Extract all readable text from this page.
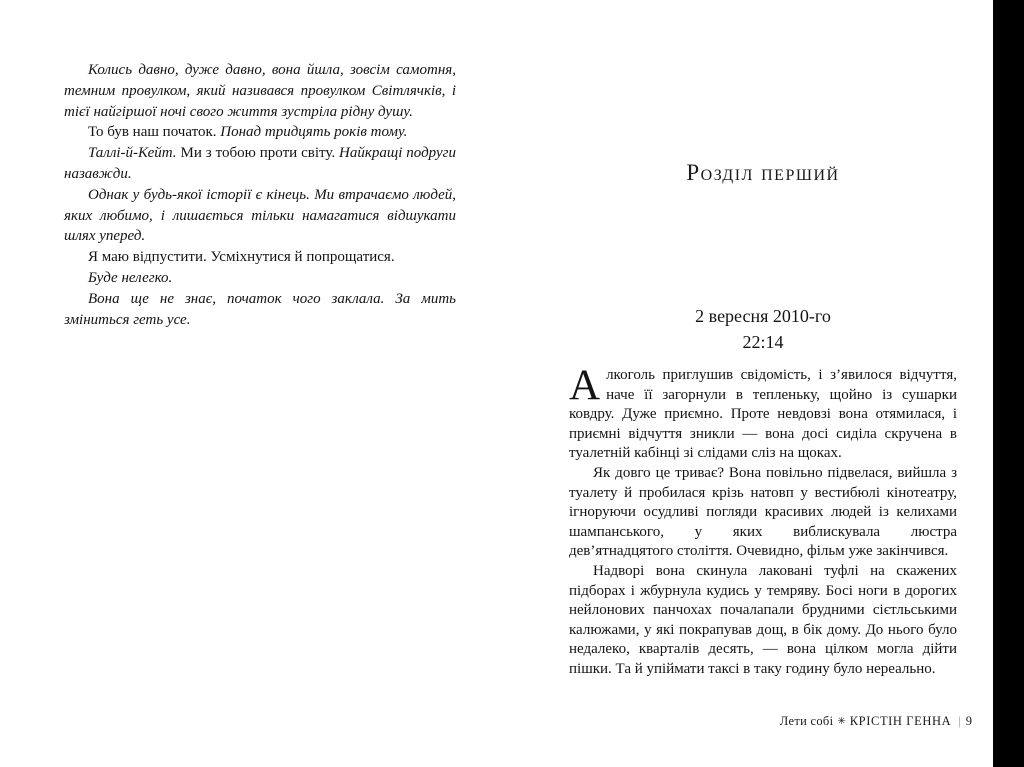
Колись давно, дуже давно, вона йшла, зовсім самотня, темним провулком, який називався провулком Світлячків, і тієї найгіршої ночі свого життя зустріла рідну душу.

То був наш початок. Понад тридцять років тому.

Таллі-й-Кейт. Ми з тобою проти світу. Найкращі подруги назавжди.

Однак у будь-якої історії є кінець. Ми втрачаємо людей, яких любимо, і лишається тільки намагатися відшукати шлях уперед.

Я маю відпустити. Усміхнутися й попрощатися.

Буде нелегко.

Вона ще не знає, початок чого заклала. За мить зміниться геть усе.

Розділ перший
2 вересня 2010-го
22:14

Алкоголь приглушив свідомість, і з’явилося відчуття, наче її загорнули в тепленьку, щойно із сушарки ковдру. Дуже приємно. Проте невдовзі вона отямилася, і приємні відчуття зникли — вона досі сиділа скручена в туалетній кабінці зі слідами сліз на щоках.

Як довго це триває? Вона повільно підвелася, вийшла з туалету й пробилася крізь натовп у вестибюлі кінотеатру, ігноруючи осудливі погляди красивих людей із келихами шампанського, у яких виблискувала люстра дев’ятнадцятого століття. Очевидно, фільм уже закінчився.

Надворі вона скинула лаковані туфлі на скажених підборах і жбурнула кудись у темряву. Босі ноги в дорогих нейлонових панчохах почалапали брудними сієтльськими калюжами, у які покрапував дощ, в бік дому. До нього було недалеко, кварталів десять, — вона цілком могла дійти пішки. Та й упіймати таксі в таку годину було нереально.

Лети собі ✳ КРІСТІН ГЕННА | 9
